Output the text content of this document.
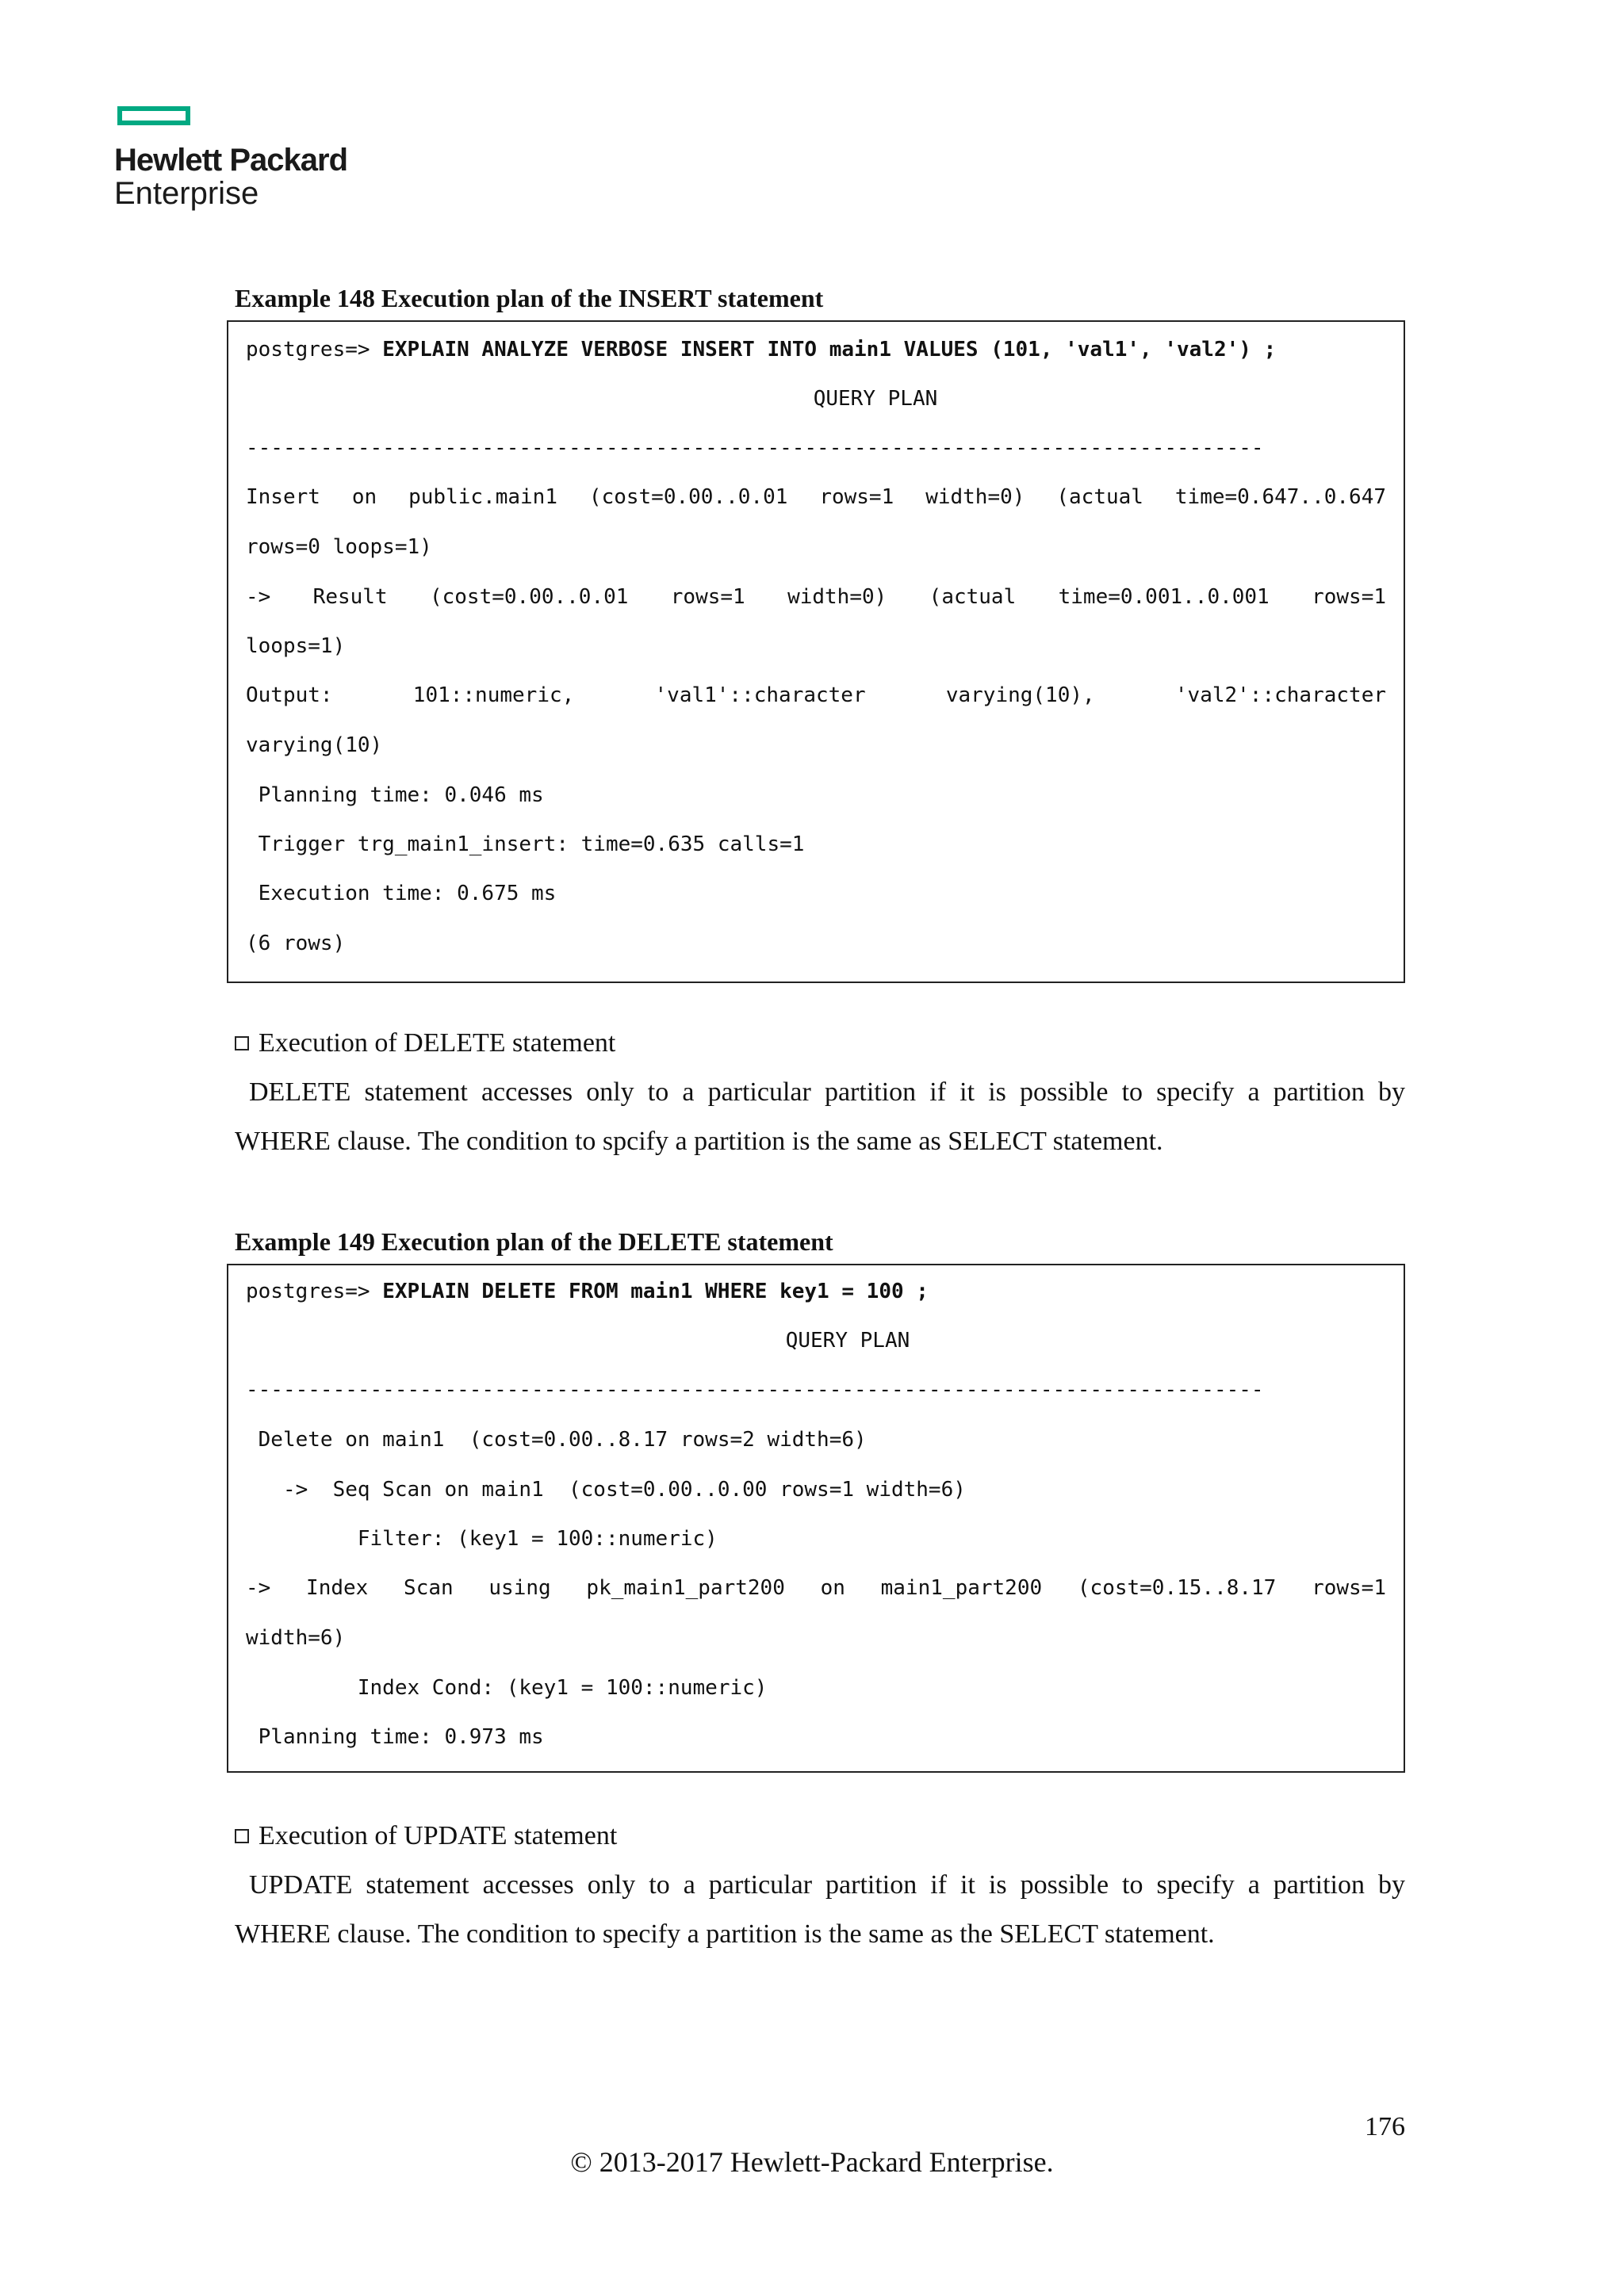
Hewlett Packard
Enterprise
Example 148 Execution plan of the INSERT statement
postgres=> EXPLAIN ANALYZE VERBOSE INSERT INTO main1 VALUES (101, 'val1', 'val2') ;
QUERY PLAN
----------------------------------------------------------------------------------
Insert on public.main1 (cost=0.00..0.01 rows=1 width=0) (actual time=0.647..0.647
rows=0 loops=1)
-> Result (cost=0.00..0.01 rows=1 width=0) (actual time=0.001..0.001 rows=1
loops=1)
Output: 101::numeric, 'val1'::character varying(10), 'val2'::character
varying(10)
Planning time: 0.046 ms
Trigger trg_main1_insert: time=0.635 calls=1
Execution time: 0.675 ms
(6 rows)
Execution of DELETE statement
DELETE statement accesses only to a particular partition if it is possible to specify a partition by
WHERE clause. The condition to spcify a partition is the same as SELECT statement.
Example 149 Execution plan of the DELETE statement
postgres=> EXPLAIN DELETE FROM main1 WHERE key1 = 100 ;
QUERY PLAN
----------------------------------------------------------------------------------
Delete on main1  (cost=0.00..8.17 rows=2 width=6)
->  Seq Scan on main1  (cost=0.00..0.00 rows=1 width=6)
Filter: (key1 = 100::numeric)
-> Index Scan using pk_main1_part200 on main1_part200 (cost=0.15..8.17 rows=1
width=6)
Index Cond: (key1 = 100::numeric)
Planning time: 0.973 ms
Execution of UPDATE statement
UPDATE statement accesses only to a particular partition if it is possible to specify a partition by
WHERE clause. The condition to specify a partition is the same as the SELECT statement.
176
© 2013-2017 Hewlett-Packard Enterprise.
